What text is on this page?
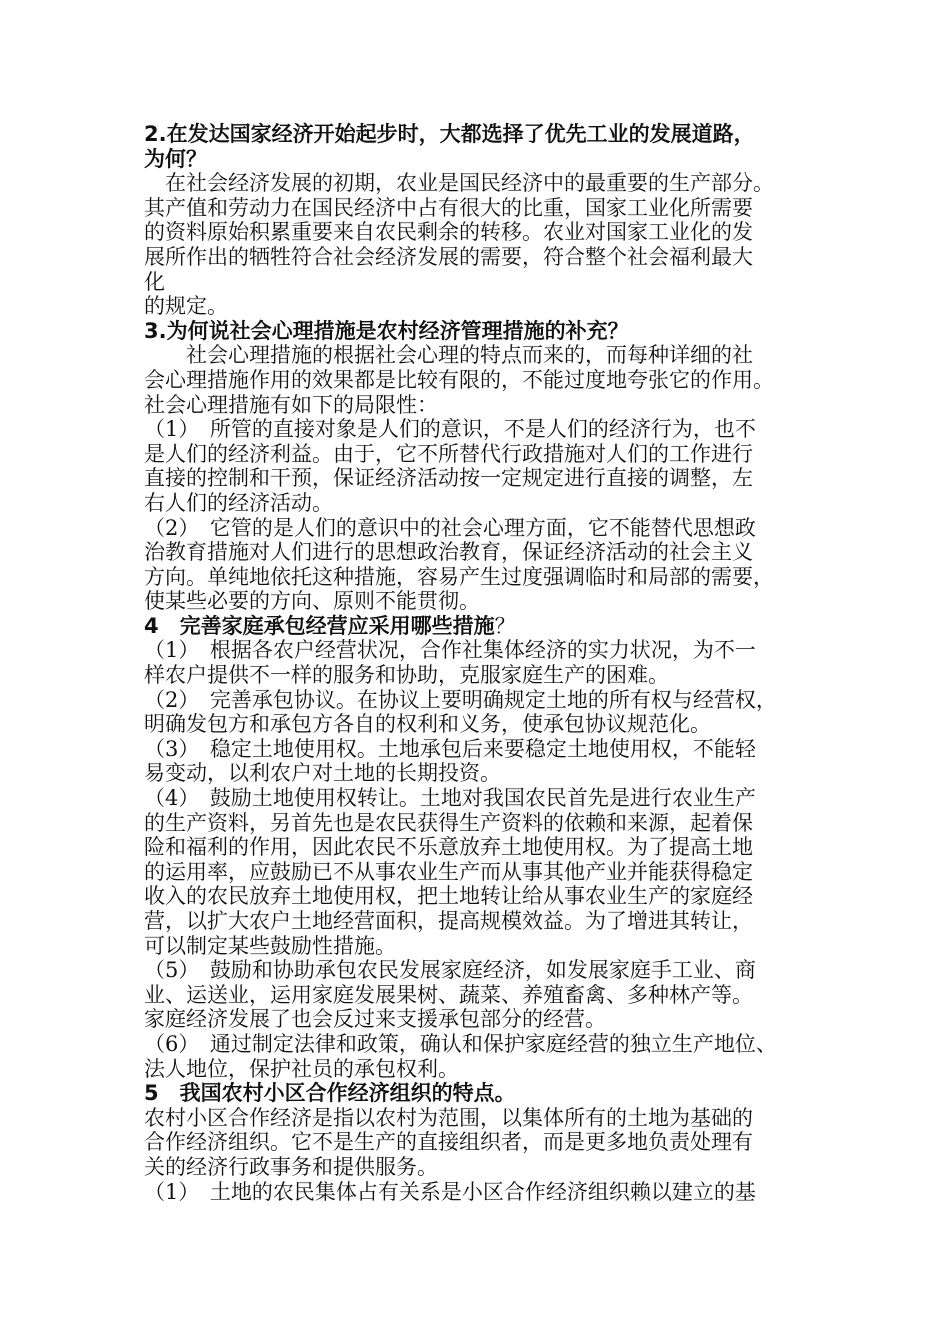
2.在发达国家经济开始起步时，大都选择了优先工业的发展道路，
为何？

在社会经济发展的初期，农业是国民经济中的最重要的生产部分。
其产值和劳动力在国民经济中占有很大的比重，国家工业化所需要
的资料原始积累重要来自农民剩余的转移。农业对国家工业化的发
展所作出的牺牲符合社会经济发展的需要，符合整个社会福利最大
化
的规定。

3.为何说社会心理措施是农村经济管理措施的补充？

社会心理措施的根据社会心理的特点而来的，而每种详细的社
会心理措施作用的效果都是比较有限的，不能过度地夸张它的作用。
社会心理措施有如下的局限性：

（1）　所管的直接对象是人们的意识，不是人们的经济行为，也不
是人们的经济利益。由于，它不所替代行政措施对人们的工作进行
直接的控制和干预，保证经济活动按一定规定进行直接的调整，左
右人们的经济活动。

（2）　它管的是人们的意识中的社会心理方面，它不能替代思想政
治教育措施对人们进行的思想政治教育，保证经济活动的社会主义
方向。单纯地依托这种措施，容易产生过度强调临时和局部的需要，
使某些必要的方向、原则不能贯彻。

4　完善家庭承包经营应采用哪些措施？

（1）　根据各农户经营状况，合作社集体经济的实力状况，为不一
样农户提供不一样的服务和协助，克服家庭生产的困难。

（2）　完善承包协议。在协议上要明确规定土地的所有权与经营权，
明确发包方和承包方各自的权利和义务，使承包协议规范化。

（3）　稳定土地使用权。土地承包后来要稳定土地使用权，不能轻
易变动，以利农户对土地的长期投资。

（4）　鼓励土地使用权转让。土地对我国农民首先是进行农业生产
的生产资料，另首先也是农民获得生产资料的依赖和来源，起着保
险和福利的作用，因此农民不乐意放弃土地使用权。为了提高土地
的运用率，应鼓励已不从事农业生产而从事其他产业并能获得稳定
收入的农民放弃土地使用权，把土地转让给从事农业生产的家庭经
营，以扩大农户土地经营面积，提高规模效益。为了增进其转让，
可以制定某些鼓励性措施。

（5）　鼓励和协助承包农民发展家庭经济，如发展家庭手工业、商
业、运送业，运用家庭发展果树、蔬菜、养殖畜禽、多种林产等。
家庭经济发展了也会反过来支援承包部分的经营。

（6）　通过制定法律和政策，确认和保护家庭经营的独立生产地位、
法人地位，保护社员的承包权利。

5　我国农村小区合作经济组织的特点。

农村小区合作经济是指以农村为范围，以集体所有的土地为基础的
合作经济组织。它不是生产的直接组织者，而是更多地负责处理有
关的经济行政事务和提供服务。

（1）　土地的农民集体占有关系是小区合作经济组织赖以建立的基
